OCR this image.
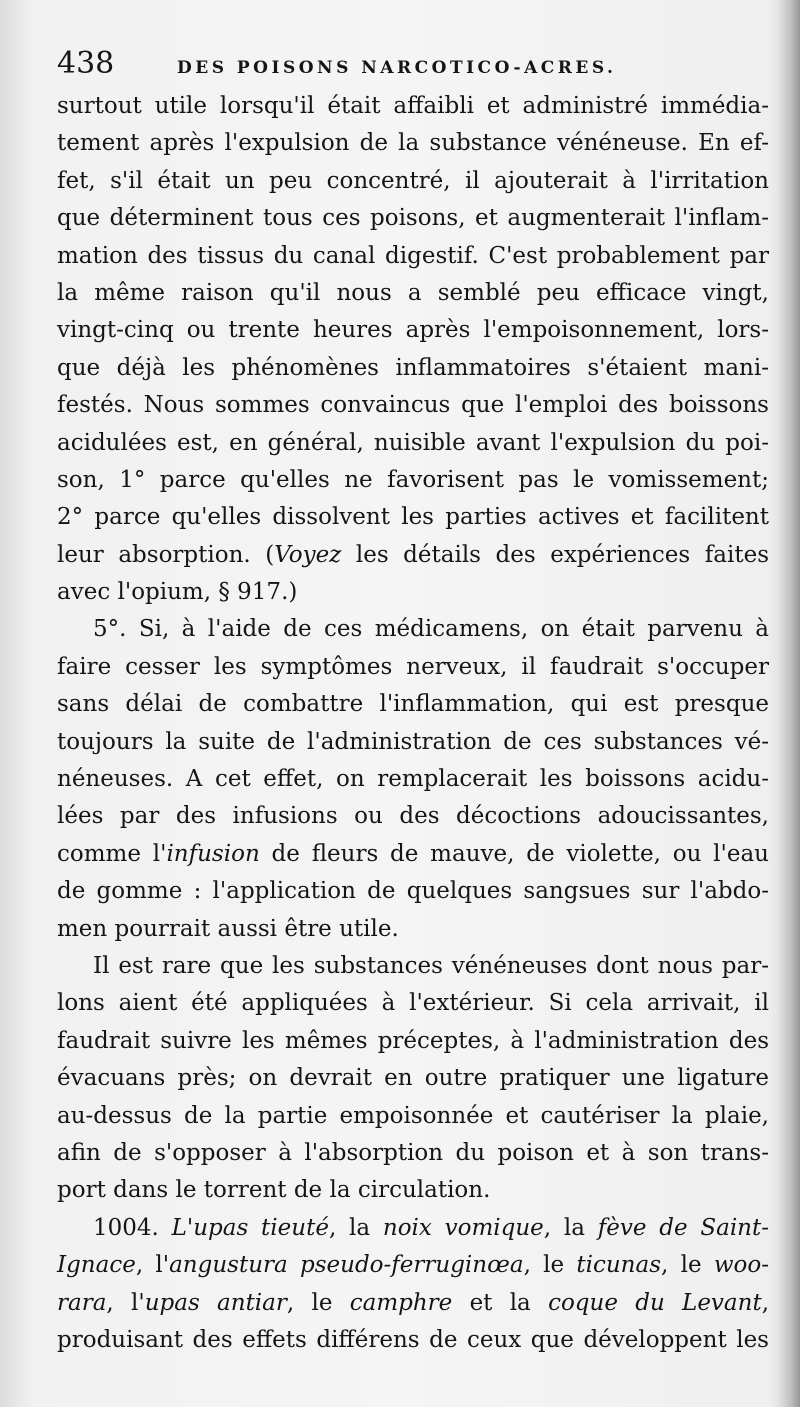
438	DES POISONS NARCOTICO-ACRES.
surtout utile lorsqu'il était affaibli et administré immédia-
tement après l'expulsion de la substance vénéneuse. En ef-
fet, s'il était un peu concentré, il ajouterait à l'irritation
que déterminent tous ces poisons, et augmenterait l'inflam-
mation des tissus du canal digestif. C'est probablement par
la même raison qu'il nous a semblé peu efficace vingt,
vingt-cinq ou trente heures après l'empoisonnement, lors-
que déjà les phénomènes inflammatoires s'étaient mani-
festés. Nous sommes convaincus que l'emploi des boissons
acidulées est, en général, nuisible avant l'expulsion du poi-
son, 1° parce qu'elles ne favorisent pas le vomissement;
2° parce qu'elles dissolvent les parties actives et facilitent
leur absorption. (Voyez les détails des expériences faites
avec l'opium, § 917.)
5°. Si, à l'aide de ces médicamens, on était parvenu à
faire cesser les symptômes nerveux, il faudrait s'occuper
sans délai de combattre l'inflammation, qui est presque
toujours la suite de l'administration de ces substances vé-
néneuses. A cet effet, on remplacerait les boissons acidu-
lées par des infusions ou des décoctions adoucissantes,
comme l'infusion de fleurs de mauve, de violette, ou l'eau
de gomme : l'application de quelques sangsues sur l'abdo-
men pourrait aussi être utile.
Il est rare que les substances vénéneuses dont nous par-
lons aient été appliquées à l'extérieur. Si cela arrivait, il
faudrait suivre les mêmes préceptes, à l'administration des
évacuans près; on devrait en outre pratiquer une ligature
au-dessus de la partie empoisonnée et cautériser la plaie,
afin de s'opposer à l'absorption du poison et à son trans-
port dans le torrent de la circulation.
1004. L'upas tieuté, la noix vomique, la fève de Saint-
Ignace, l'angustura pseudo-ferruginœa, le ticunas, le woo-
rara, l'upas antiar, le camphre et la coque du Levant,
produisant des effets différens de ceux que développent les
